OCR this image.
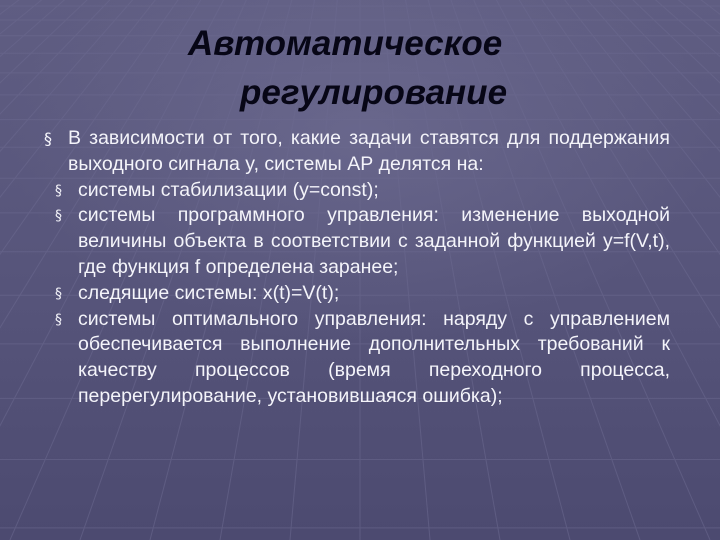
Автоматическое
регулирование
§ В зависимости от того, какие задачи ставятся для поддержания выходного сигнала y, системы АР делятся на:
§ системы стабилизации (y=const);
§ системы программного управления: изменение выходной величины объекта в соответствии с заданной функцией y=f(V,t), где функция f определена заранее;
§ следящие системы: x(t)=V(t);
§ системы оптимального управления: наряду с управлением обеспечивается выполнение дополнительных требований к качеству процессов (время переходного процесса, перерегулирование, установившаяся ошибка);
